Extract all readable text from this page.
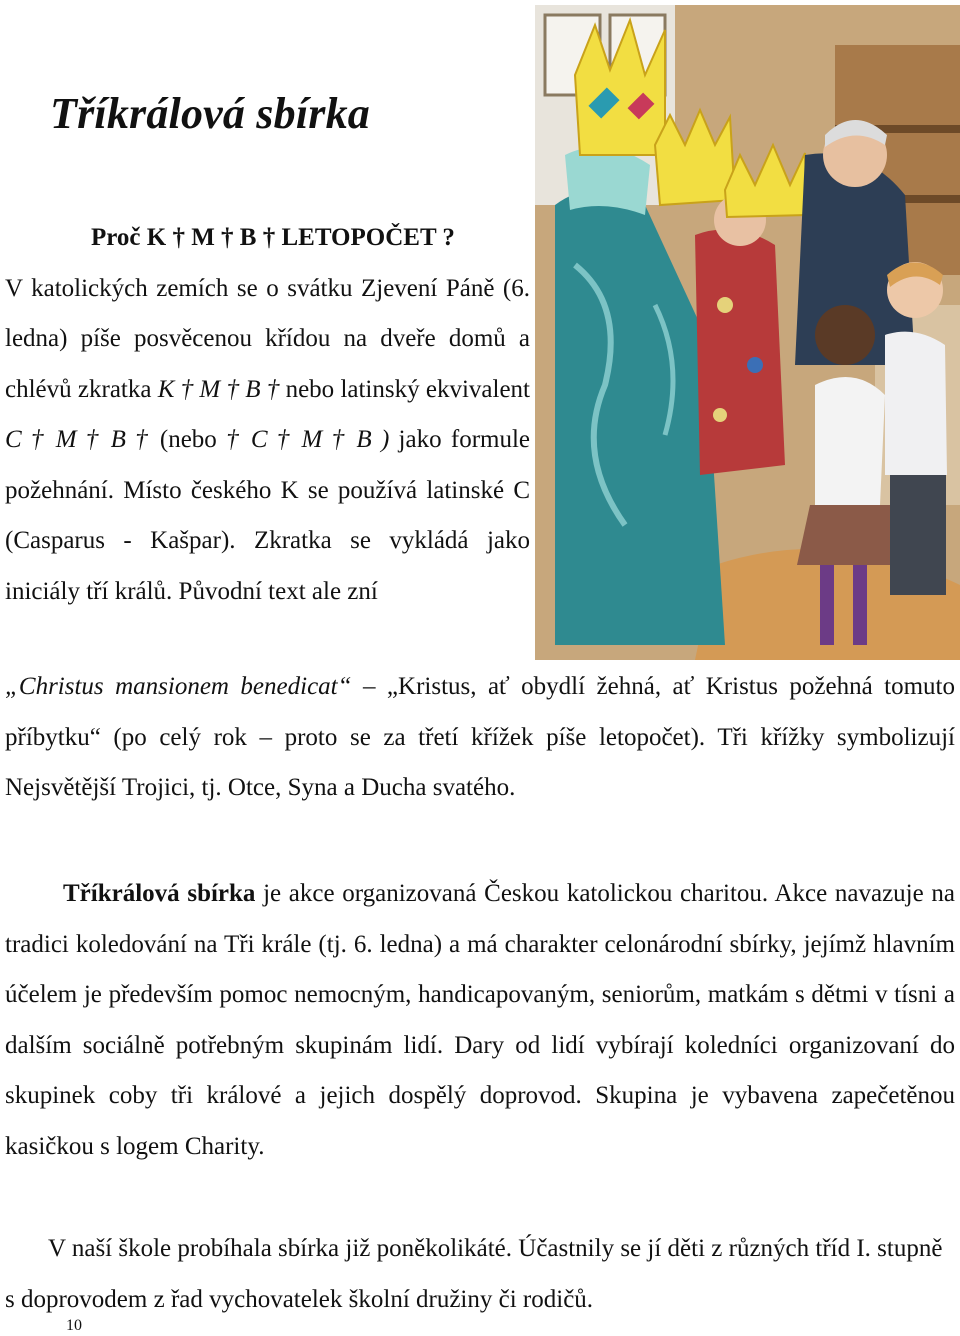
Tříkrálová sbírka

Proč K † M † B † LETOPOČET ?
V katolických zemích se o svátku Zjevení Páně (6. ledna) píše posvěcenou křídou na dveře domů a chlévů zkratka K † M † B † nebo latinský ekvivalent C † M † B † (nebo † C † M † B ) jako formule požehnání. Místo českého K se používá latinské C (Casparus - Kašpar). Zkratka se vykládá jako iniciály tří králů. Původní text ale zní

„Christus mansionem benedicat“ – „Kristus, ať obydlí žehná, ať Kristus požehná tomuto příbytku“ (po celý rok – proto se za třetí křížek píše letopočet). Tři křížky symbolizují Nejsvětější Trojici, tj. Otce, Syna a Ducha svatého.

Tříkrálová sbírka je akce organizovaná Českou katolickou charitou. Akce navazuje na tradici koledování na Tři krále (tj. 6. ledna) a má charakter celonárodní sbírky, jejímž hlavním účelem je především pomoc nemocným, handicapovaným, seniorům, matkám s dětmi v tísni a dalším sociálně potřebným skupinám lidí. Dary od lidí vybírají koledníci organizovaní do skupinek coby tři králové a jejich dospělý doprovod. Skupina je vybavena zapečetěnou kasičkou s logem Charity.

V naší škole probíhala sbírka již poněkolikáté. Účastnily se jí děti z různých tříd I. stupně s doprovodem z řad vychovatelek školní družiny či rodičů.

10
